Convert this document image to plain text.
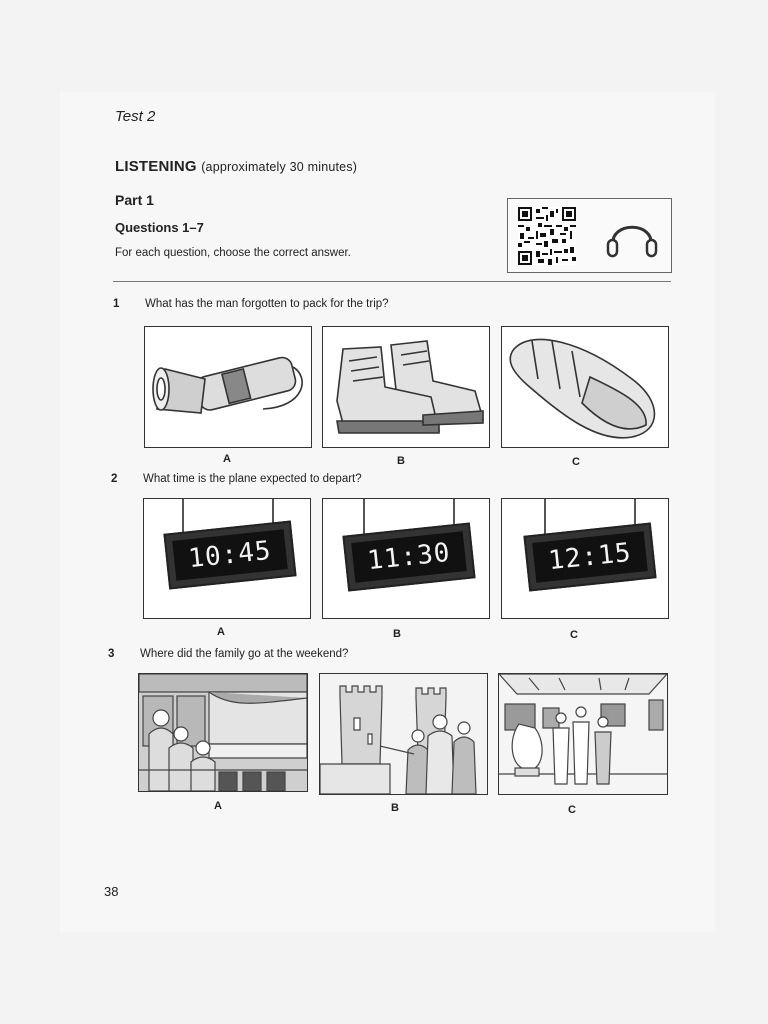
Test 2
LISTENING (approximately 30 minutes)
Part 1
Questions 1–7
For each question, choose the correct answer.
1 What has the man forgotten to pack for the trip?
A	B	C
2 What time is the plane expected to depart?
10:45	11:30	12:15
A	B	C
3 Where did the family go at the weekend?
A	B	C
38
